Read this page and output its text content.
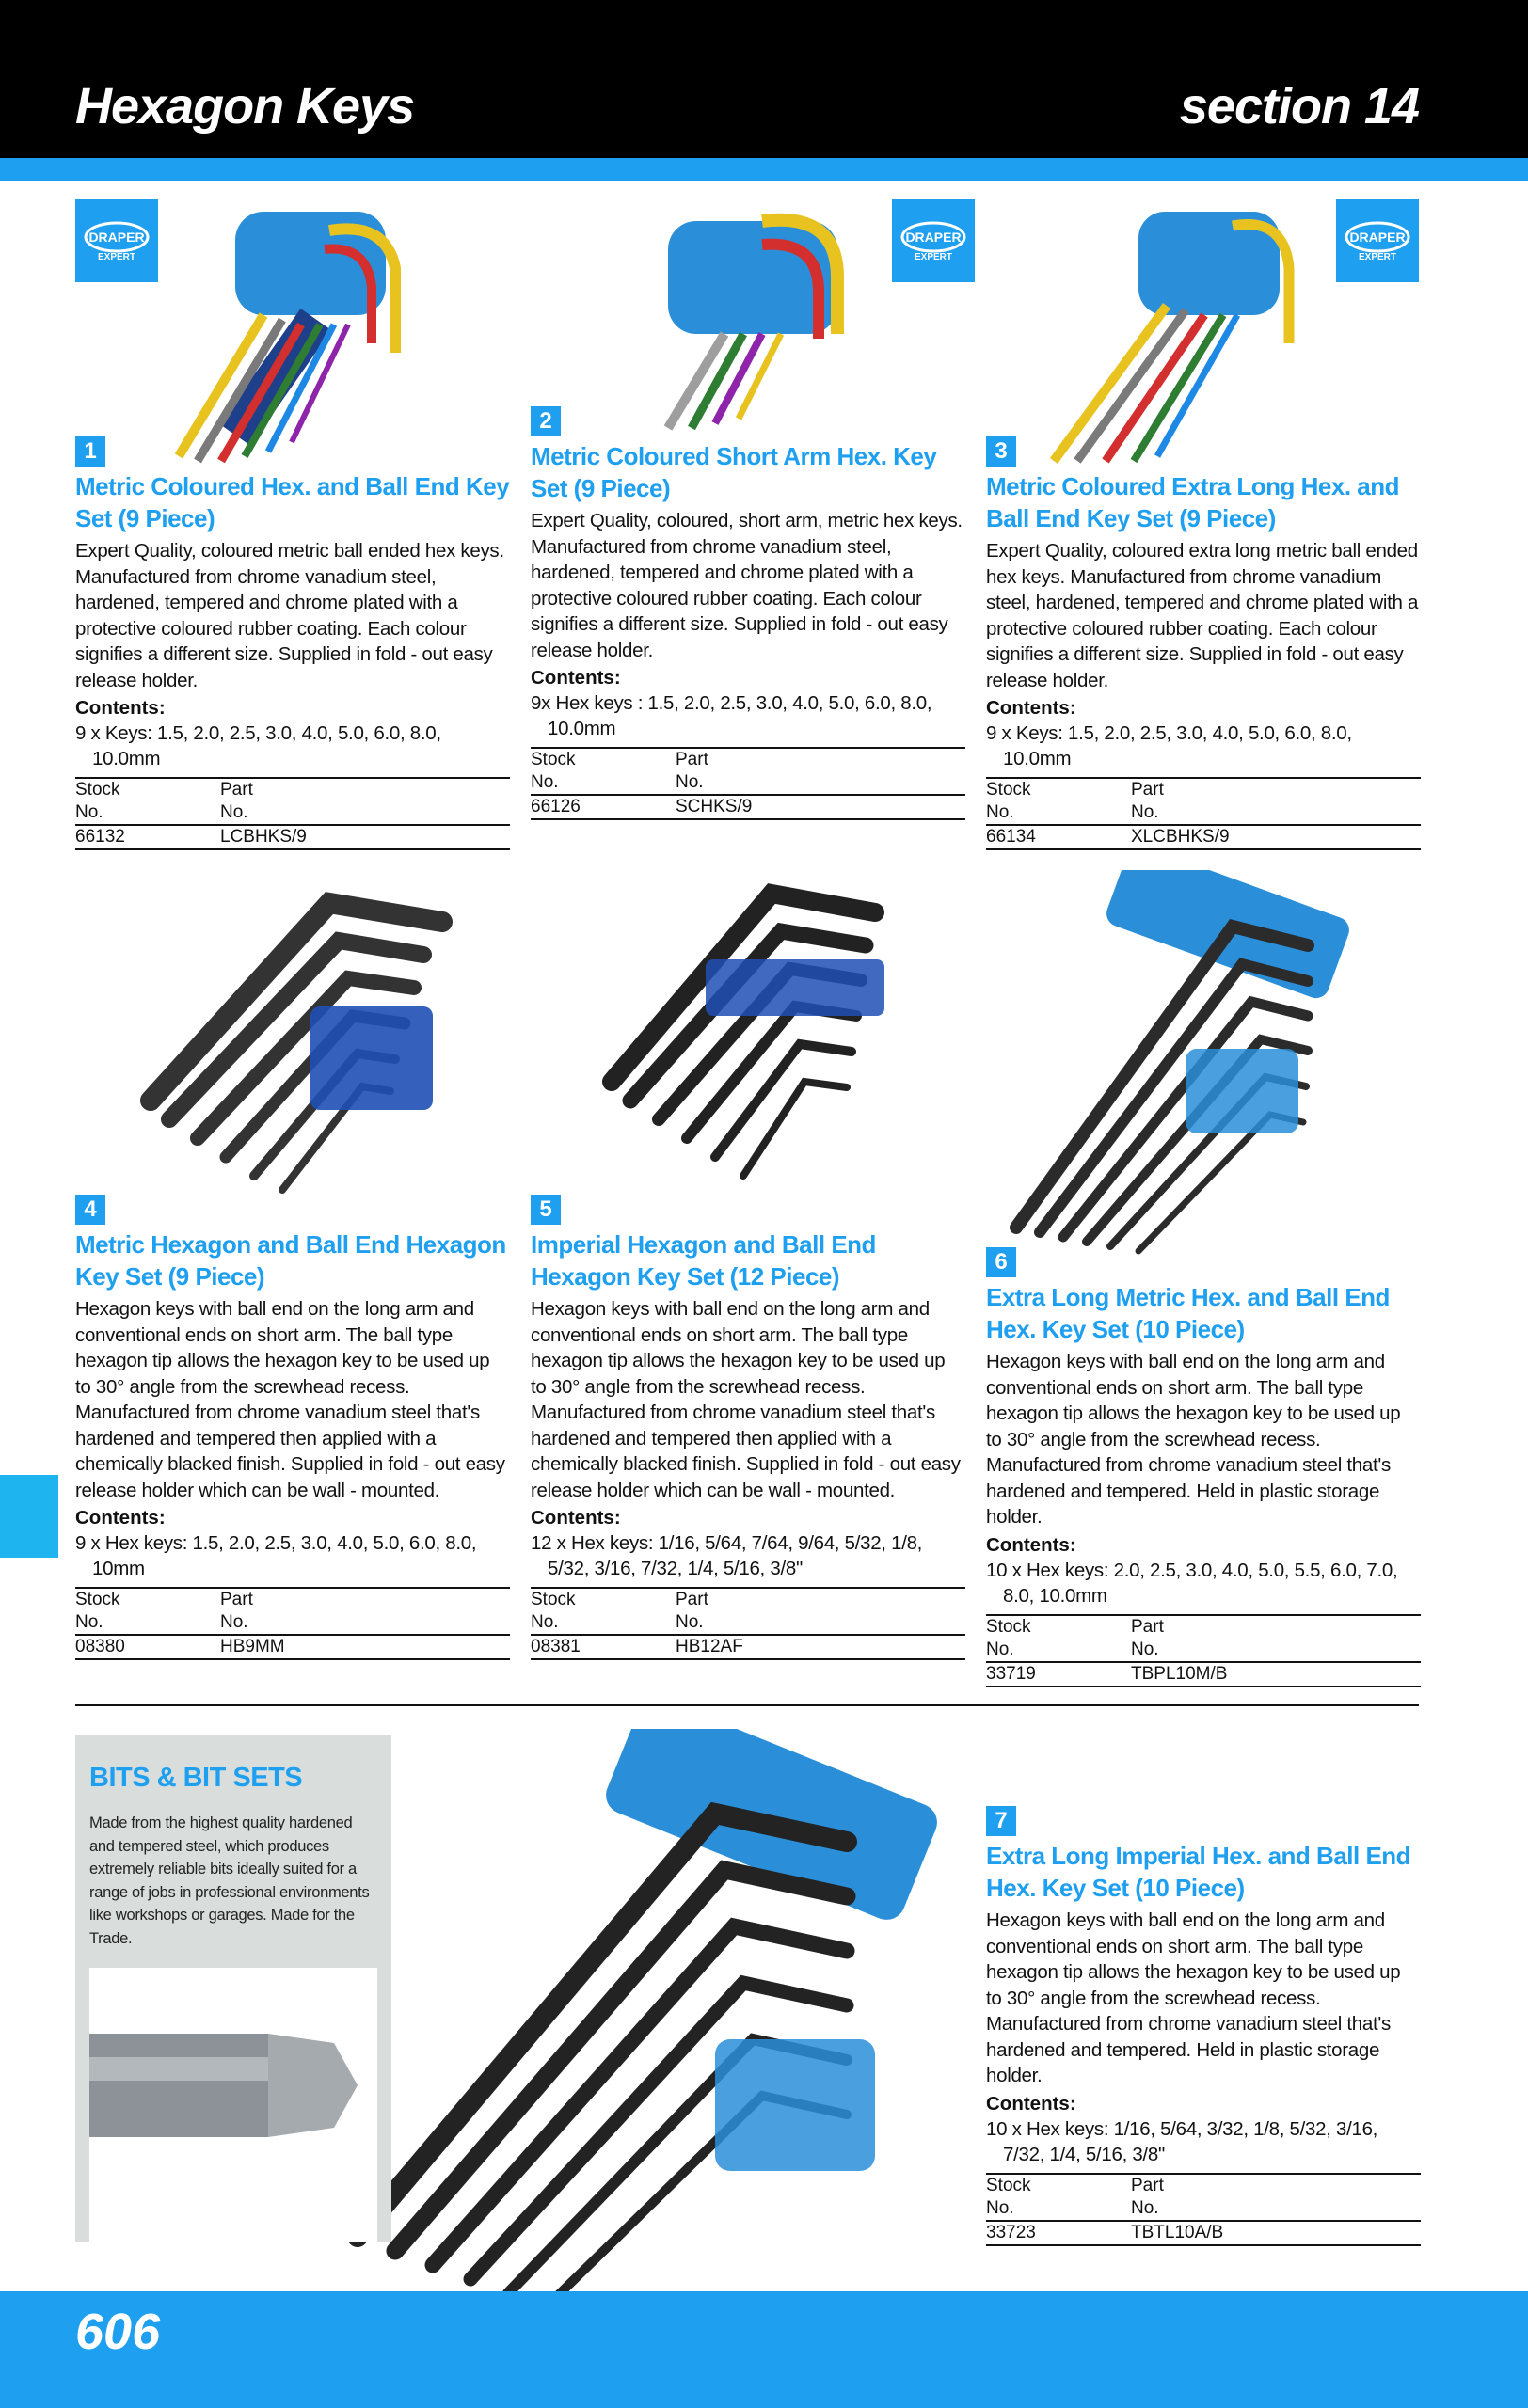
Hexagon Keys	section 14
DRAPER
EXPERT
DRAPER
EXPERT
DRAPER
EXPERT
1
Metric Coloured Hex. and Ball End Key Set (9 Piece)
Expert Quality, coloured metric ball ended hex keys. Manufactured from chrome vanadium steel, hardened, tempered and chrome plated with a protective coloured rubber coating. Each colour signifies a different size. Supplied in fold - out easy release holder.
Contents:
9 x Keys: 1.5, 2.0, 2.5, 3.0, 4.0, 5.0, 6.0, 8.0, 10.0mm
Stock	Part
No.	No.
66132	LCBHKS/9
2
Metric Coloured Short Arm Hex. Key Set (9 Piece)
Expert Quality, coloured, short arm, metric hex keys. Manufactured from chrome vanadium steel, hardened, tempered and chrome plated with a protective coloured rubber coating. Each colour signifies a different size. Supplied in fold - out easy release holder.
Contents:
9x Hex keys : 1.5, 2.0, 2.5, 3.0, 4.0, 5.0, 6.0, 8.0, 10.0mm
Stock	Part
No.	No.
66126	SCHKS/9
3
Metric Coloured Extra Long Hex. and Ball End Key Set (9 Piece)
Expert Quality, coloured extra long metric ball ended hex keys. Manufactured from chrome vanadium steel, hardened, tempered and chrome plated with a protective coloured rubber coating. Each colour signifies a different size. Supplied in fold - out easy release holder.
Contents:
9 x Keys: 1.5, 2.0, 2.5, 3.0, 4.0, 5.0, 6.0, 8.0, 10.0mm
Stock	Part
No.	No.
66134	XLCBHKS/9
4
Metric Hexagon and Ball End Hexagon Key Set (9 Piece)
Hexagon keys with ball end on the long arm and conventional ends on short arm. The ball type hexagon tip allows the hexagon key to be used up to 30° angle from the screwhead recess. Manufactured from chrome vanadium steel that's hardened and tempered then applied with a chemically blacked finish. Supplied in fold - out easy release holder which can be wall - mounted.
Contents:
9 x Hex keys: 1.5, 2.0, 2.5, 3.0, 4.0, 5.0, 6.0, 8.0, 10mm
Stock	Part
No.	No.
08380	HB9MM
5
Imperial Hexagon and Ball End Hexagon Key Set (12 Piece)
Hexagon keys with ball end on the long arm and conventional ends on short arm. The ball type hexagon tip allows the hexagon key to be used up to 30° angle from the screwhead recess. Manufactured from chrome vanadium steel that's hardened and tempered then applied with a chemically blacked finish. Supplied in fold - out easy release holder which can be wall - mounted.
Contents:
12 x Hex keys: 1/16, 5/64, 7/64, 9/64, 5/32, 1/8, 5/32, 3/16, 7/32, 1/4, 5/16, 3/8"
Stock	Part
No.	No.
08381	HB12AF
6
Extra Long Metric Hex. and Ball End Hex. Key Set (10 Piece)
Hexagon keys with ball end on the long arm and conventional ends on short arm. The ball type hexagon tip allows the hexagon key to be used up to 30° angle from the screwhead recess. Manufactured from chrome vanadium steel that's hardened and tempered. Held in plastic storage holder.
Contents:
10 x Hex keys: 2.0, 2.5, 3.0, 4.0, 5.0, 5.5, 6.0, 7.0, 8.0, 10.0mm
Stock	Part
No.	No.
33719	TBPL10M/B
BITS & BIT SETS
Made from the highest quality hardened and tempered steel, which produces extremely reliable bits ideally suited for a range of jobs in professional environments like workshops or garages. Made for the Trade.
7
Extra Long Imperial Hex. and Ball End Hex. Key Set (10 Piece)
Hexagon keys with ball end on the long arm and conventional ends on short arm. The ball type hexagon tip allows the hexagon key to be used up to 30° angle from the screwhead recess. Manufactured from chrome vanadium steel that's hardened and tempered. Held in plastic storage holder.
Contents:
10 x Hex keys: 1/16, 5/64, 3/32, 1/8, 5/32, 3/16, 7/32, 1/4, 5/16, 3/8"
Stock	Part
No.	No.
33723	TBTL10A/B
606
